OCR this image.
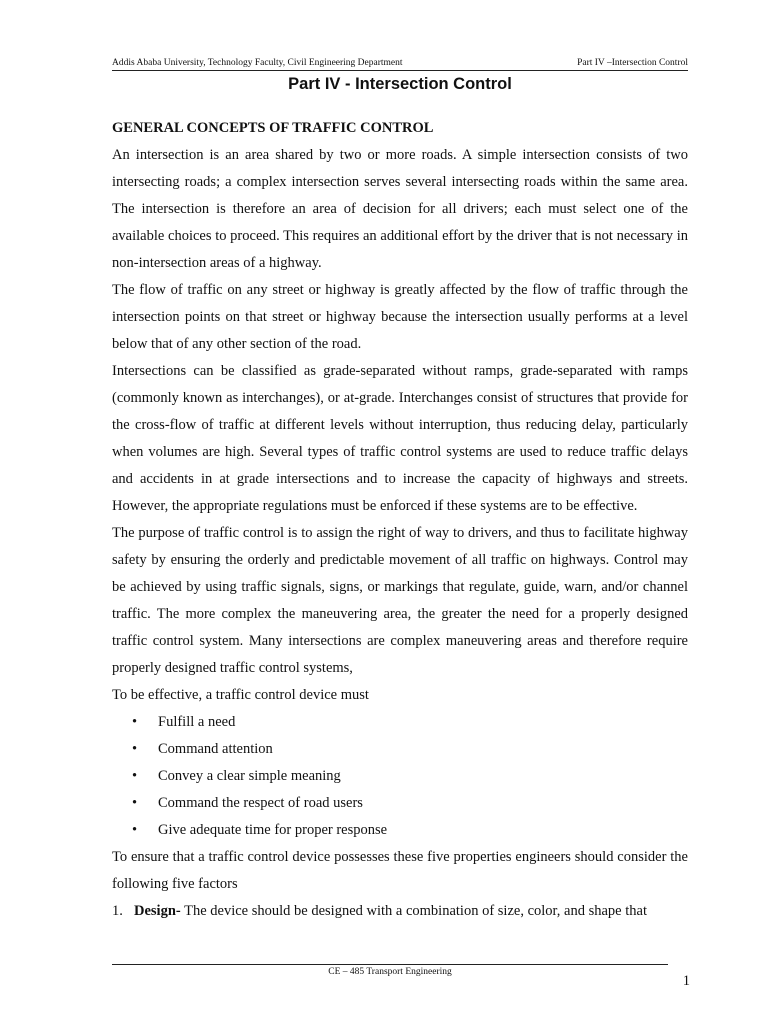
Addis Ababa University, Technology Faculty, Civil Engineering Department	Part IV –Intersection Control
Part IV - Intersection Control

GENERAL CONCEPTS OF TRAFFIC CONTROL

An intersection is an area shared by two or more roads. A simple intersection consists of two intersecting roads; a complex intersection serves several intersecting roads within the same area. The intersection is therefore an area of decision for all drivers; each must select one of the available choices to proceed. This requires an additional effort by the driver that is not necessary in non-intersection areas of a highway.

The flow of traffic on any street or highway is greatly affected by the flow of traffic through the intersection points on that street or highway because the intersection usually performs at a level below that of any other section of the road.

Intersections can be classified as grade-separated without ramps, grade-separated with ramps (commonly known as interchanges), or at-grade. Interchanges consist of structures that provide for the cross-flow of traffic at different levels without interruption, thus reducing delay, particularly when volumes are high. Several types of traffic control systems are used to reduce traffic delays and accidents in at grade intersections and to increase the capacity of highways and streets. However, the appropriate regulations must be enforced if these systems are to be effective.

The purpose of traffic control is to assign the right of way to drivers, and thus to facilitate highway safety by ensuring the orderly and predictable movement of all traffic on highways. Control may be achieved by using traffic signals, signs, or markings that regulate, guide, warn, and/or channel traffic. The more complex the maneuvering area, the greater the need for a properly designed traffic control system. Many intersections are complex maneuvering areas and therefore require properly designed traffic control systems,

To be effective, a traffic control device must

• Fulfill a need
• Command attention
• Convey a clear simple meaning
• Command the respect of road users
• Give adequate time for proper response

To ensure that a traffic control device possesses these five properties engineers should consider the following five factors

1. Design- The device should be designed with a combination of size, color, and shape that

CE – 485 Transport Engineering
1
